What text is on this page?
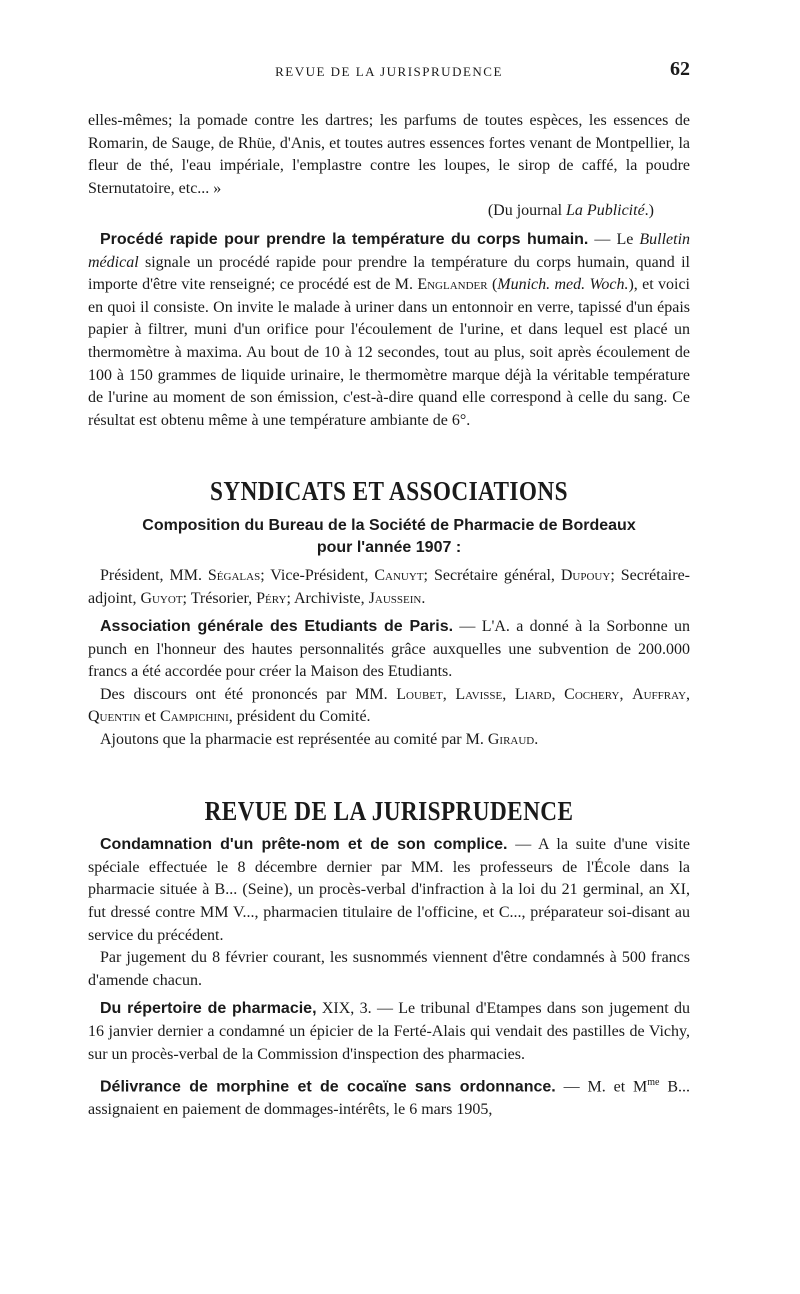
REVUE DE LA JURISPRUDENCE	62

elles-mêmes; la pomade contre les dartres; les parfums de toutes espèces, les essences de Romarin, de Sauge, de Rhüe, d'Anis, et toutes autres essences fortes venant de Montpellier, la fleur de thé, l'eau impériale, l'emplastre contre les loupes, le sirop de caffé, la poudre Sternutatoire, etc... »

(Du journal La Publicité.)

Procédé rapide pour prendre la température du corps humain. — Le Bulletin médical signale un procédé rapide pour prendre la température du corps humain, quand il importe d'être vite renseigné; ce procédé est de M. Englander (Munich. med. Woch.), et voici en quoi il consiste. On invite le malade à uriner dans un entonnoir en verre, tapissé d'un épais papier à filtrer, muni d'un orifice pour l'écoulement de l'urine, et dans lequel est placé un thermomètre à maxima. Au bout de 10 à 12 secondes, tout au plus, soit après écoulement de 100 à 150 grammes de liquide urinaire, le thermomètre marque déjà la véritable température de l'urine au moment de son émission, c'est-à-dire quand elle correspond à celle du sang. Ce résultat est obtenu même à une température ambiante de 6°.

SYNDICATS ET ASSOCIATIONS

Composition du Bureau de la Société de Pharmacie de Bordeaux
pour l'année 1907 :

Président, MM. Ségalas; Vice-Président, Canuyt; Secrétaire général, Dupouy; Secrétaire-adjoint, Guyot; Trésorier, Péry; Archiviste, Jaussein.

Association générale des Etudiants de Paris. — L'A. a donné à la Sorbonne un punch en l'honneur des hautes personnalités grâce auxquelles une subvention de 200.000 francs a été accordée pour créer la Maison des Etudiants.

Des discours ont été prononcés par MM. Loubet, Lavisse, Liard, Cochery, Auffray, Quentin et Campichini, président du Comité.

Ajoutons que la pharmacie est représentée au comité par M. Giraud.

REVUE DE LA JURISPRUDENCE

Condamnation d'un prête-nom et de son complice. — A la suite d'une visite spéciale effectuée le 8 décembre dernier par MM. les professeurs de l'École dans la pharmacie située à B... (Seine), un procès-verbal d'infraction à la loi du 21 germinal, an XI, fut dressé contre MM V..., pharmacien titulaire de l'officine, et C..., préparateur soi-disant au service du précédent.

Par jugement du 8 février courant, les susnommés viennent d'être condamnés à 500 francs d'amende chacun.

Du répertoire de pharmacie, XIX, 3. — Le tribunal d'Etampes dans son jugement du 16 janvier dernier a condamné un épicier de la Ferté-Alais qui vendait des pastilles de Vichy, sur un procès-verbal de la Commission d'inspection des pharmacies.

Délivrance de morphine et de cocaïne sans ordonnance. — M. et $M^{me}$ B... assignaient en paiement de dommages-intérêts, le 6 mars 1905,
